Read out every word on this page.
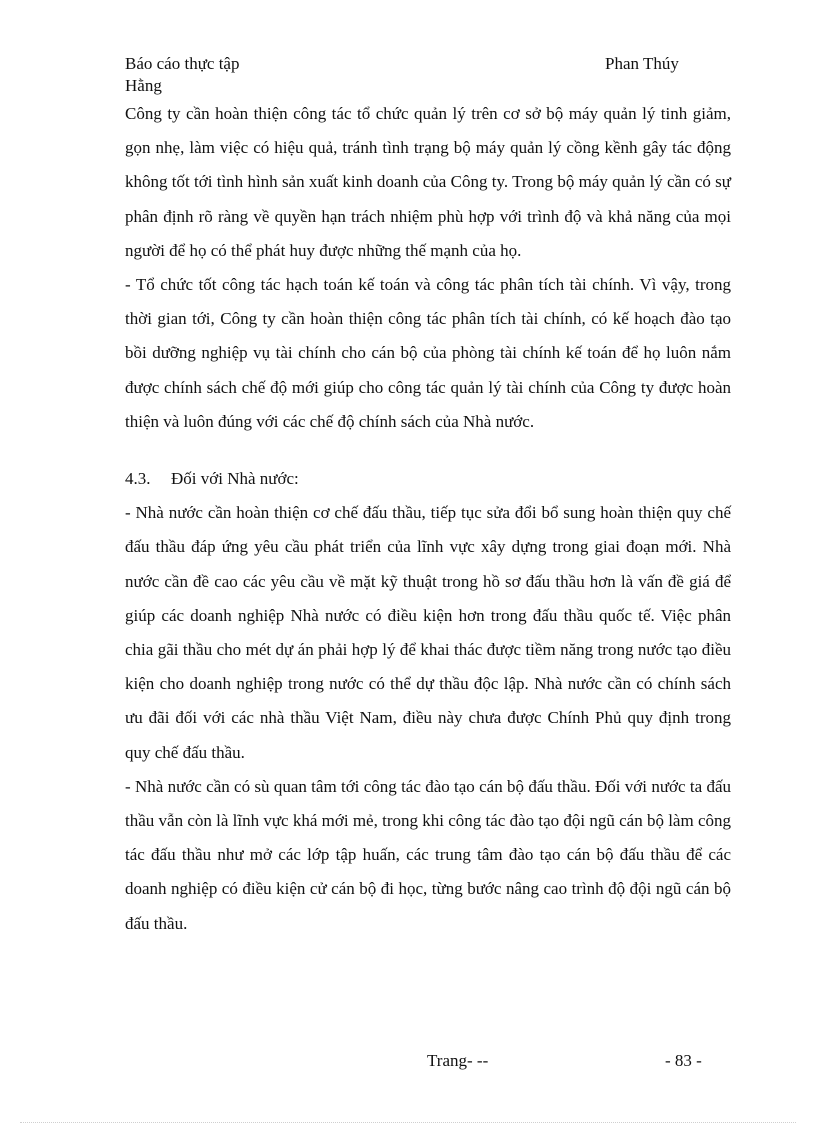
Báo cáo thực tập	Phan Thúy
Hằng

Công ty cần hoàn thiện công tác tổ chức quản lý trên cơ sở bộ máy quản lý tinh giảm, gọn nhẹ, làm việc có hiệu quả, tránh tình trạng bộ máy quản lý cồng kềnh gây tác động không tốt tới tình hình sản xuất kinh doanh của Công ty. Trong bộ máy quản lý cần có sự phân định rõ ràng về quyền hạn trách nhiệm phù hợp với trình độ và khả năng của mọi người để họ có thể phát huy được những thế mạnh của họ.

- Tổ chức tốt công tác hạch toán kế toán và công tác phân tích tài chính. Vì vậy, trong thời gian tới, Công ty cần hoàn thiện công tác phân tích tài chính, có kế hoạch đào tạo bồi dưỡng nghiệp vụ tài chính cho cán bộ của phòng tài chính kế toán để họ luôn nắm được chính sách chế độ mới giúp cho công tác quản lý tài chính của Công ty được hoàn thiện và luôn đúng với các chế độ chính sách của Nhà nước.

4.3. Đối với Nhà nước:

- Nhà nước cần hoàn thiện cơ chế đấu thầu, tiếp tục sửa đổi bổ sung hoàn thiện quy chế đấu thầu đáp ứng yêu cầu phát triển của lĩnh vực xây dựng trong giai đoạn mới. Nhà nước cần đề cao các yêu cầu về mặt kỹ thuật trong hồ sơ đấu thầu hơn là vấn đề giá để giúp các doanh nghiệp Nhà nước có điều kiện hơn trong đấu thầu quốc tế. Việc phân chia gãi thầu cho mét dự án phải hợp lý để khai thác được tiềm năng trong nước tạo điều kiện cho doanh nghiệp trong nước có thể dự thầu độc lập. Nhà nước cần có chính sách ưu đãi đối với các nhà thầu Việt Nam, điều này chưa được Chính Phủ quy định trong quy chế đấu thầu.

- Nhà nước cần có sù quan tâm tới công tác đào tạo cán bộ đấu thầu. Đối với nước ta đấu thầu vẫn còn là lĩnh vực khá mới mẻ, trong khi công tác đào tạo đội ngũ cán bộ làm công tác đấu thầu như mở các lớp tập huấn, các trung tâm đào tạo cán bộ đấu thầu để các doanh nghiệp có điều kiện cử cán bộ đi học, từng bước nâng cao trình độ đội ngũ cán bộ đấu thầu.

Trang- --	- 83 -
